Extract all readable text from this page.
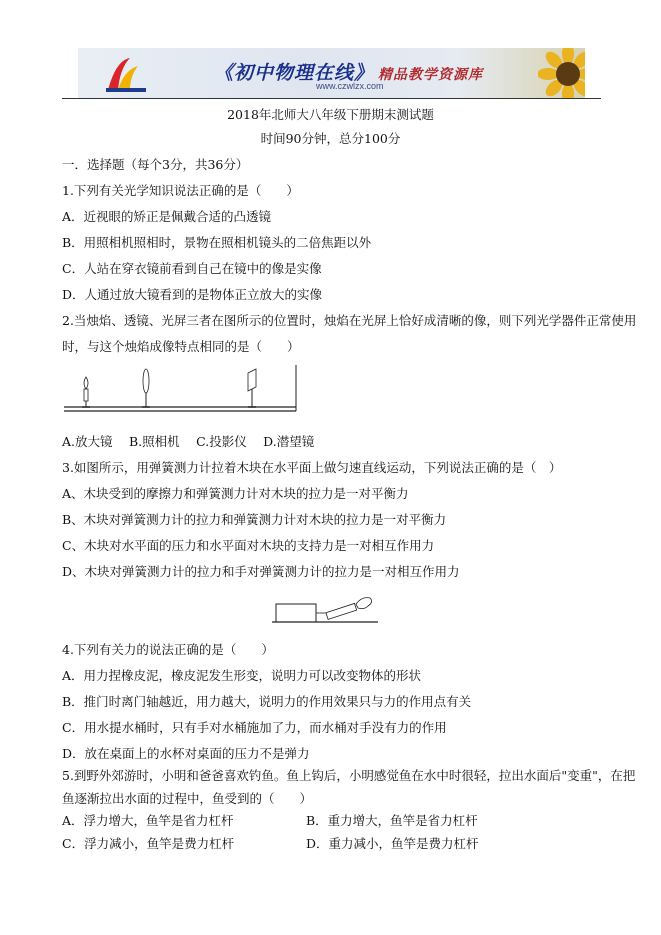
《初中物理在线》 精品教学资源库
www.czwlzx.com
2018年北师大八年级下册期末测试题
时间90分钟，总分100分
一．选择题（每个3分，共36分）
1.下列有关光学知识说法正确的是（　　）
A．近视眼的矫正是佩戴合适的凸透镜
B．用照相机照相时，景物在照相机镜头的二倍焦距以外
C．人站在穿衣镜前看到自己在镜中的像是实像
D．人通过放大镜看到的是物体正立放大的实像
2.当烛焰、透镜、光屏三者在图所示的位置时，烛焰在光屏上恰好成清晰的像，则下列光学器件正常使用
时，与这个烛焰成像特点相同的是（　　）
A.放大镜　 B.照相机　 C.投影仪　 D.潜望镜
3.如图所示，用弹簧测力计拉着木块在水平面上做匀速直线运动，下列说法正确的是（　）
A、木块受到的摩擦力和弹簧测力计对木块的拉力是一对平衡力
B、木块对弹簧测力计的拉力和弹簧测力计对木块的拉力是一对平衡力
C、木块对水平面的压力和水平面对木块的支持力是一对相互作用力
D、木块对弹簧测力计的拉力和手对弹簧测力计的拉力是一对相互作用力
4.下列有关力的说法正确的是（　　）
A．用力捏橡皮泥，橡皮泥发生形变，说明力可以改变物体的形状
B．推门时离门轴越近，用力越大，说明力的作用效果只与力的作用点有关
C．用水提水桶时，只有手对水桶施加了力，而水桶对手没有力的作用
D．放在桌面上的水杯对桌面的压力不是弹力
5.到野外郊游时，小明和爸爸喜欢钓鱼。鱼上钩后，小明感觉鱼在水中时很轻，拉出水面后"变重"，在把
鱼逐渐拉出水面的过程中，鱼受到的（　　）
A．浮力增大，鱼竿是省力杠杆	B．重力增大，鱼竿是省力杠杆
C．浮力减小，鱼竿是费力杠杆	D．重力减小，鱼竿是费力杠杆
